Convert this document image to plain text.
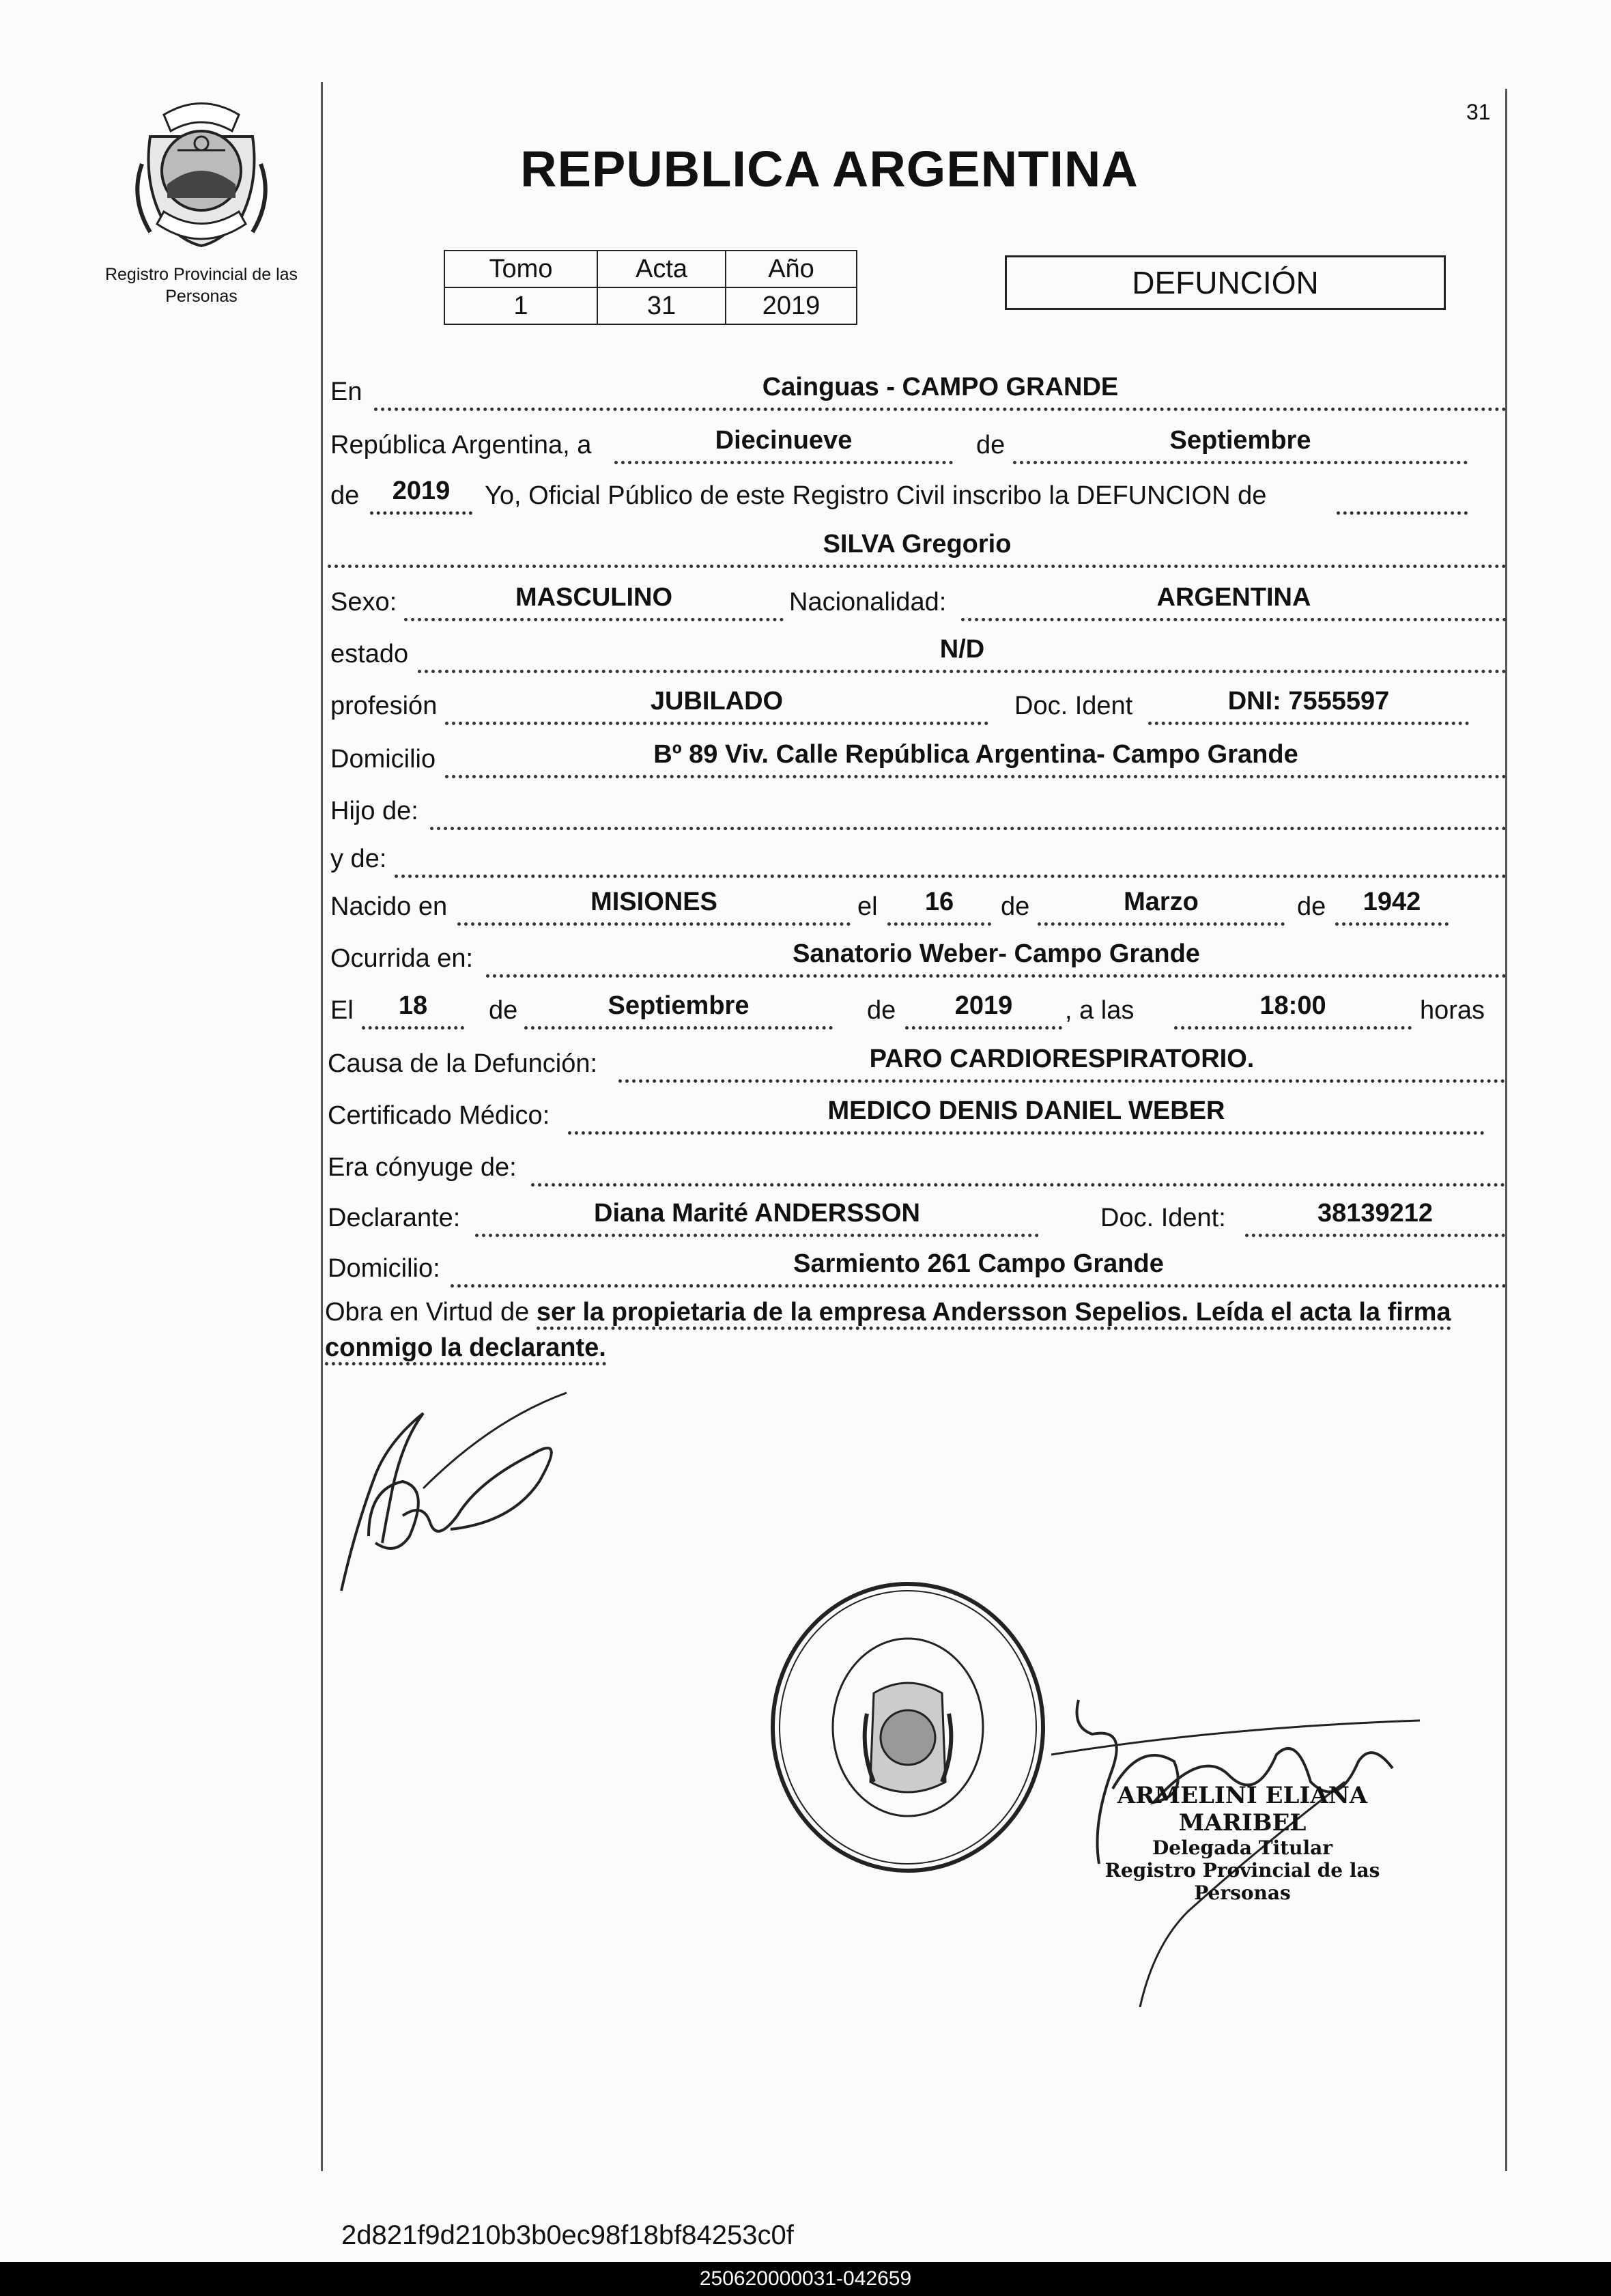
Registro Provincial de las Personas
31
REPUBLICA ARGENTINA
Tomo	Acta	Año
1	31	2019
DEFUNCIÓN
En	Cainguas - CAMPO GRANDE
República Argentina, a	Diecinueve	de	Septiembre
de	2019	Yo, Oficial Público de este Registro Civil inscribo la DEFUNCION de
SILVA Gregorio
Sexo:	MASCULINO	Nacionalidad:	ARGENTINA
estado	N/D
profesión	JUBILADO	Doc. Ident	DNI: 7555597
Domicilio	Bº 89 Viv. Calle República Argentina- Campo Grande
Hijo de:
y de:
Nacido en	MISIONES	el	16	de	Marzo	de	1942
Ocurrida en:	Sanatorio Weber- Campo Grande
El	18	de	Septiembre	de	2019	, a las	18:00	horas
Causa de la Defunción:	PARO CARDIORESPIRATORIO.
Certificado Médico:	MEDICO DENIS DANIEL WEBER
Era cónyuge de:
Declarante:	Diana Marité ANDERSSON	Doc. Ident:	38139212
Domicilio:	Sarmiento 261 Campo Grande
Obra en Virtud de ser la propietaria de la empresa Andersson Sepelios. Leída el acta la firma conmigo la declarante.
ARMELINI ELIANA MARIBEL
Delegada Titular
Registro Provincial de las Personas
2d821f9d210b3b0ec98f18bf84253c0f
250620000031-042659
